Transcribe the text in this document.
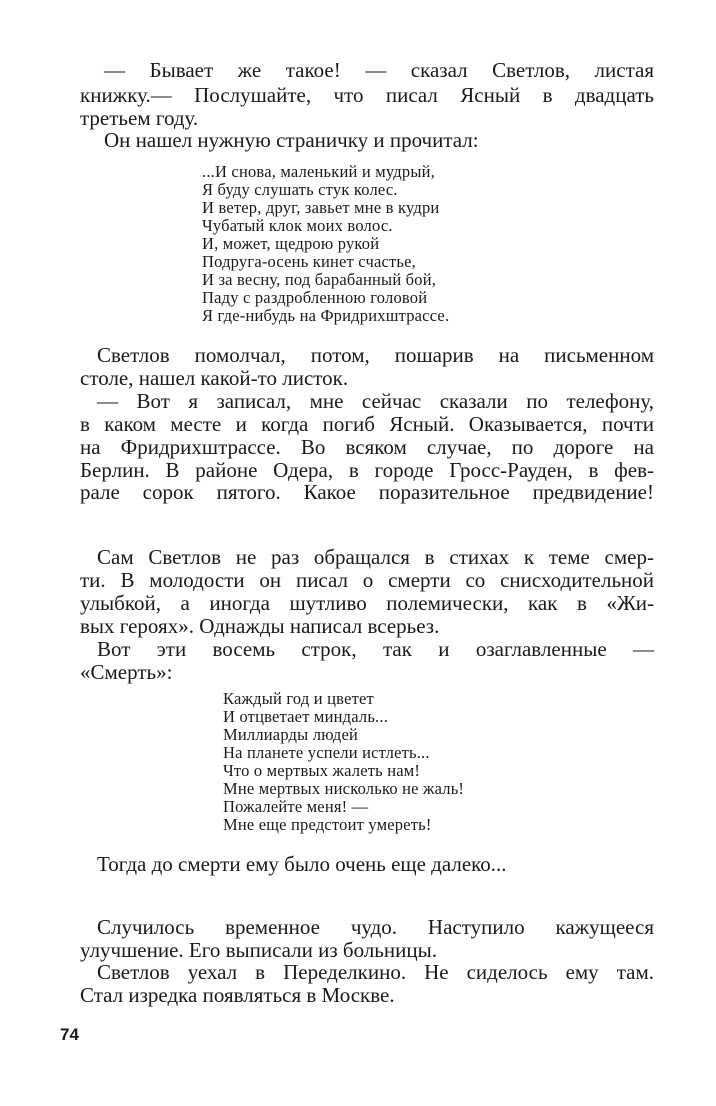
— Бывает же такое! — сказал Светлов, листая
книжку.— Послушайте, что писал Ясный в двадцать
третьем году.
Он нашел нужную страничку и прочитал:
...И снова, маленький и мудрый,
Я буду слушать стук колес.
И ветер, друг, завьет мне в кудри
Чубатый клок моих волос.
И, может, щедрою рукой
Подруга-осень кинет счастье,
И за весну, под барабанный бой,
Паду с раздробленною головой
Я где-нибудь на Фридрихштрассе.
Светлов помолчал, потом, пошарив на письменном
столе, нашел какой-то листок.
— Вот я записал, мне сейчас сказали по телефону,
в каком месте и когда погиб Ясный. Оказывается, почти
на Фридрихштрассе. Во всяком случае, по дороге на
Берлин. В районе Одера, в городе Гросс-Рауден, в фев-
рале сорок пятого. Какое поразительное предвидение!
Сам Светлов не раз обращался в стихах к теме смер-
ти. В молодости он писал о смерти со снисходительной
улыбкой, а иногда шутливо полемически, как в «Жи-
вых героях». Однажды написал всерьез.
Вот эти восемь строк, так и озаглавленные —
«Смерть»:
Каждый год и цветет
И отцветает миндаль...
Миллиарды людей
На планете успели истлеть...
Что о мертвых жалеть нам!
Мне мертвых нисколько не жаль!
Пожалейте меня! —
Мне еще предстоит умереть!
Тогда до смерти ему было очень еще далеко...
Случилось временное чудо. Наступило кажущееся
улучшение. Его выписали из больницы.
Светлов уехал в Переделкино. Не сиделось ему там.
Стал изредка появляться в Москве.
74
